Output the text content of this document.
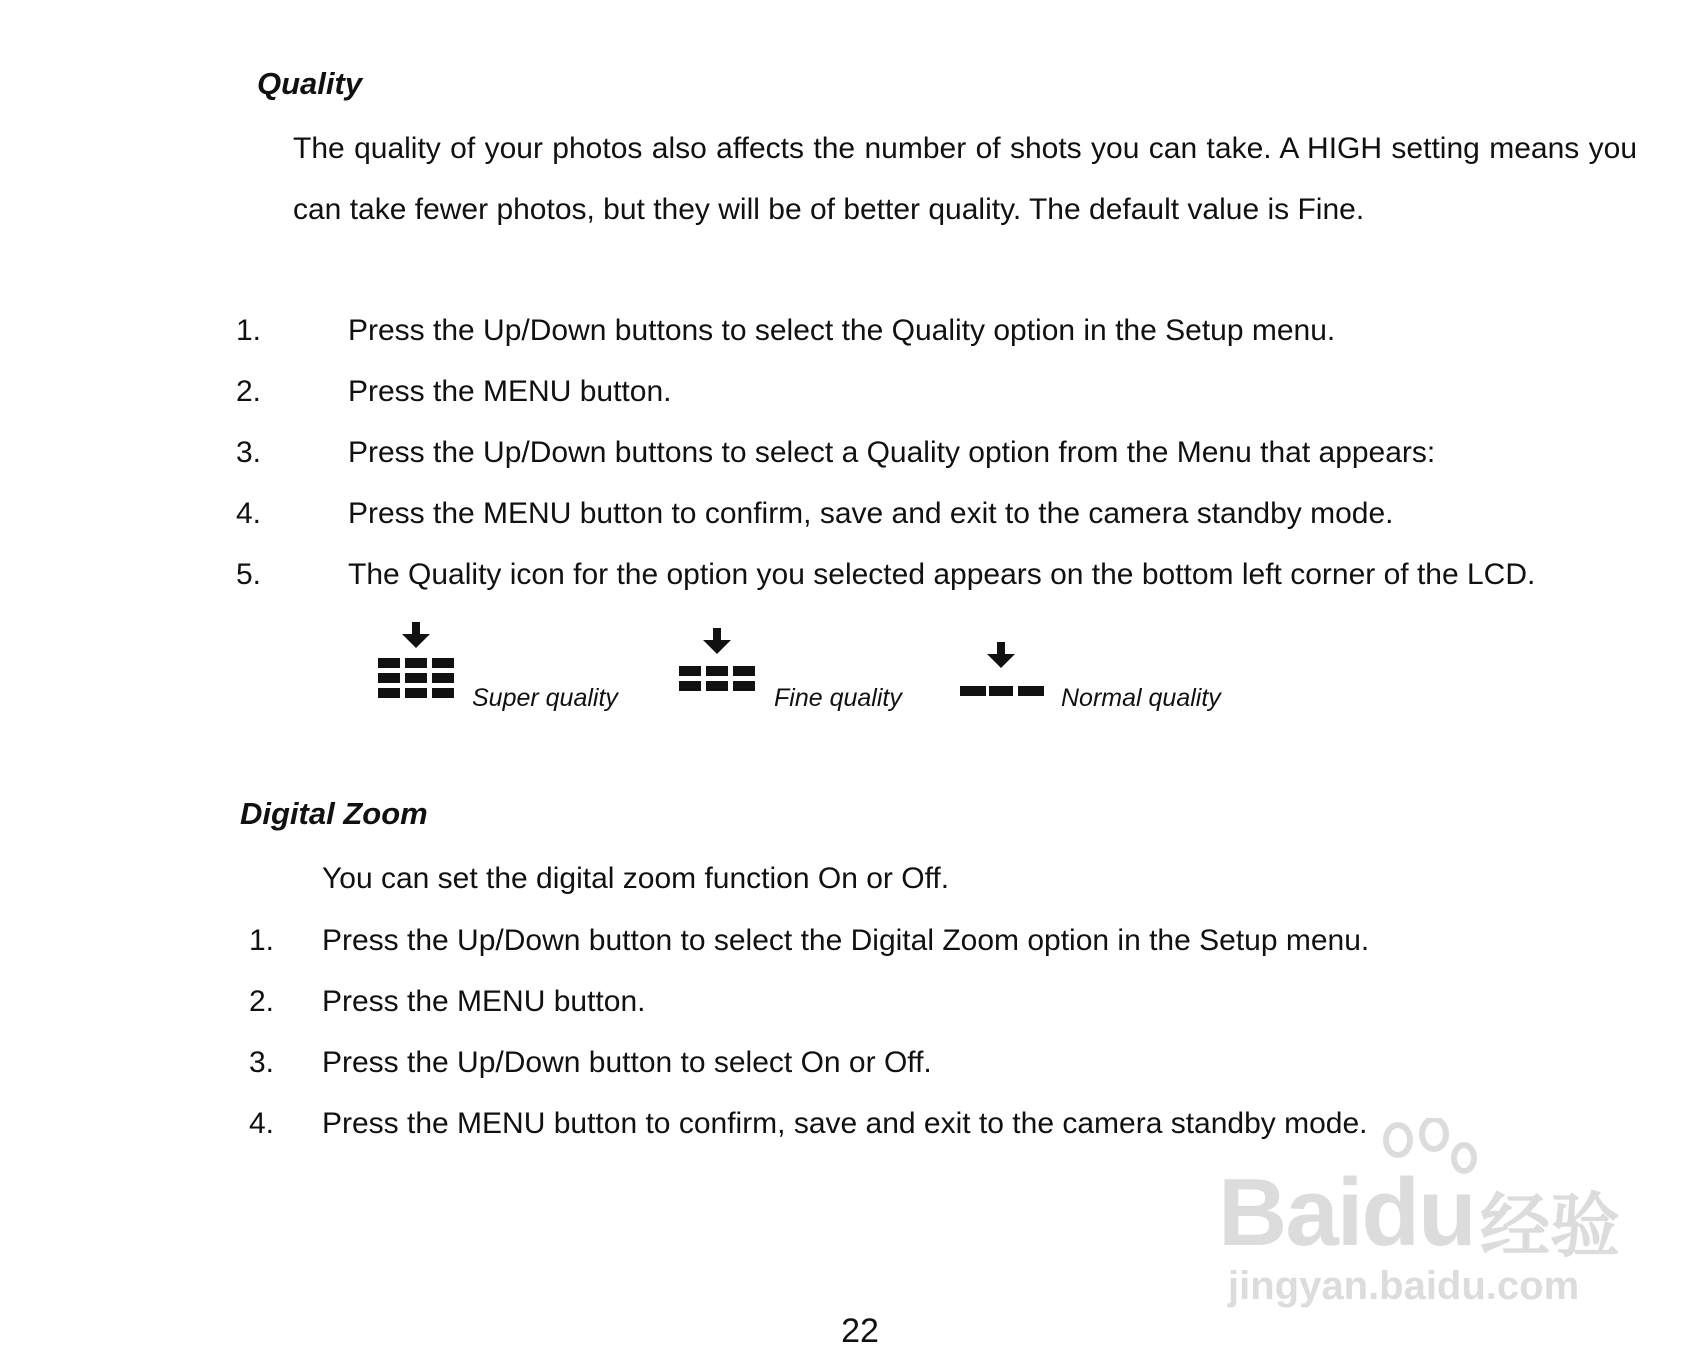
Quality

The quality of your photos also affects the number of shots you can take. A HIGH setting means you can take fewer photos, but they will be of better quality. The default value is Fine.

1.	Press the Up/Down buttons to select the Quality option in the Setup menu.
2.	Press the MENU button.
3.	Press the Up/Down buttons to select a Quality option from the Menu that appears:
4.	Press the MENU button to confirm, save and exit to the camera standby mode.
5.	The Quality icon for the option you selected appears on the bottom left corner of the LCD.
Super quality	Fine quality	Normal quality
Digital Zoom

You can set the digital zoom function On or Off.

1. Press the Up/Down button to select the Digital Zoom option in the Setup menu.
2. Press the MENU button.
3. Press the Up/Down button to select On or Off.
4. Press the MENU button to confirm, save and exit to the camera standby mode.
Baidu 经验
jingyan.baidu.com
22
